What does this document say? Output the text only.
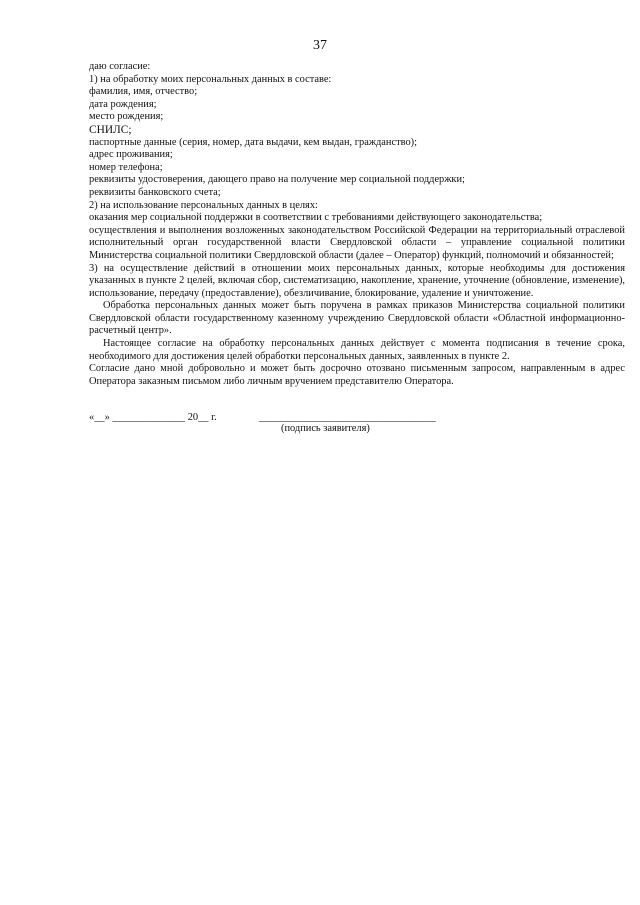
37

даю согласие:

1) на обработку моих персональных данных в составе:

фамилия, имя, отчество;

дата рождения;

место рождения;

СНИЛС;

паспортные данные (серия, номер, дата выдачи, кем выдан, гражданство);

адрес проживания;

номер телефона;

реквизиты удостоверения, дающего право на получение мер социальной поддержки;

реквизиты банковского счета;

2) на использование персональных данных в целях:

оказания мер социальной поддержки в соответствии с требованиями действующего законодательства;

осуществления и выполнения возложенных законодательством Российской Федерации на территориальный отраслевой исполнительный орган государственной власти Свердловской области – управление социальной политики Министерства социальной политики Свердловской области (далее – Оператор) функций, полномочий и обязанностей;

3) на осуществление действий в отношении моих персональных данных, которые необходимы для достижения указанных в пункте 2 целей, включая сбор, систематизацию, накопление, хранение, уточнение (обновление, изменение), использование, передачу (предоставление), обезличивание, блокирование, удаление и уничтожение.

Обработка персональных данных может быть поручена в рамках приказов Министерства социальной политики Свердловской области государственному казенному учреждению Свердловской области «Областной информационно-расчетный центр».

Настоящее согласие на обработку персональных данных действует с момента подписания в течение срока, необходимого для достижения целей обработки персональных данных, заявленных в пункте 2.

Согласие дано мной добровольно и может быть досрочно отозвано письменным запросом, направленным в адрес Оператора заказным письмом либо личным вручением представителю Оператора.

«__» ______________ 20__ г.	__________________________________
(подпись заявителя)
